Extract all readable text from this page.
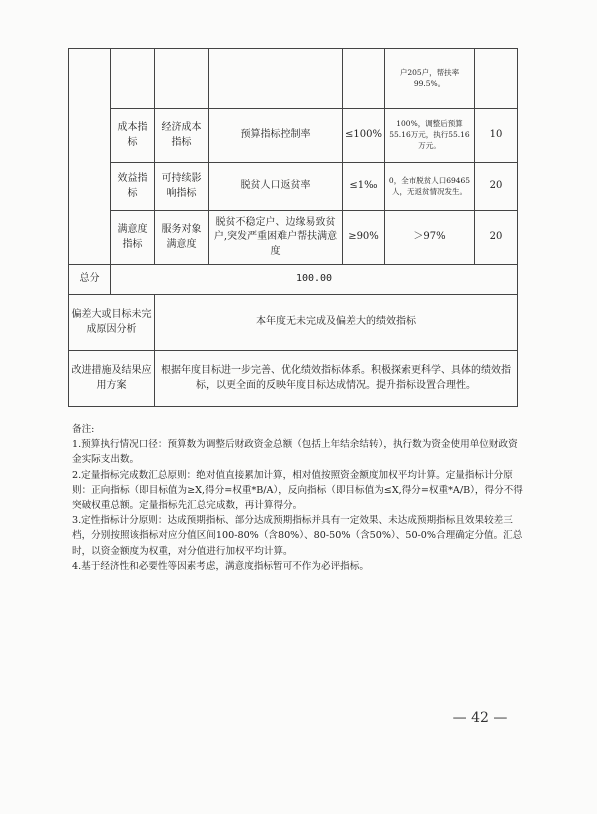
					户205户，帮扶率99.5%。	
	成本指标	经济成本指标	预算指标控制率	≤100%	100%，调整后预算55.16万元，执行55.16万元。	10
	效益指标	可持续影响指标	脱贫人口返贫率	≤1‰	0，全市脱贫人口69465人，无返贫情况发生。	20
	满意度指标	服务对象满意度	脱贫不稳定户、边缘易致贫户,突发严重困难户帮扶满意度	≥90%	＞97%	20
总分	100.00					
偏差大或目标未完成原因分析		本年度无未完成及偏差大的绩效指标				
改进措施及结果应用方案		根据年度目标进一步完善、优化绩效指标体系。积极探索更科学、具体的绩效指标，以更全面的反映年度目标达成情况。提升指标设置合理性。				

备注:

1.预算执行情况口径：预算数为调整后财政资金总额（包括上年结余结转），执行数为资金使用单位财政资金实际支出数。

2.定量指标完成数汇总原则：绝对值直接累加计算，相对值按照资金额度加权平均计算。定量指标计分原则：正向指标（即目标值为≥X,得分=权重*B/A），反向指标（即目标值为≤X,得分=权重*A/B），得分不得突破权重总额。定量指标先汇总完成数，再计算得分。

3.定性指标计分原则：达成预期指标、部分达成预期指标并具有一定效果、未达成预期指标且效果较差三档，分别按照该指标对应分值区间100-80%（含80%）、80-50%（含50%）、50-0%合理确定分值。汇总时，以资金额度为权重，对分值进行加权平均计算。

4.基于经济性和必要性等因素考虑，满意度指标暂可不作为必评指标。

— 42 —
